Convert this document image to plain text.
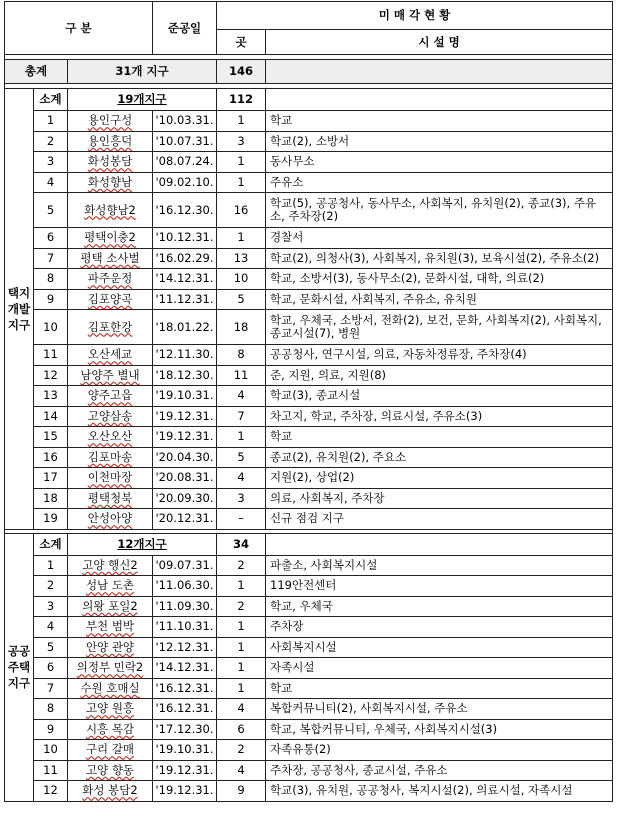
구 분			준공일	미 매 각 현 황	
				곳	시 설 명

총계		31개 지구		146	

택지
개발
지구	소계	19개지구		112	
	1	용인구성	'10.03.31.	1	학교
	2	용인흥덕	'10.07.31.	3	학교(2), 소방서
	3	화성봉담	'08.07.24.	1	동사무소
	4	화성향남	'09.02.10.	1	주유소
	5	화성향남2	'16.12.30.	16	학교(5), 공공청사, 동사무소, 사회복지, 유치원(2), 종교(3), 주유소, 주차장(2)
	6	평택이충2	'10.12.31.	1	경찰서
	7	평택 소사벌	'16.02.29.	13	학교(2), 의청사(3), 사회복지, 유치원(3), 보육시설(2), 주유소(2)
	8	파주운정	'14.12.31.	10	학교, 소방서(3), 동사무소(2), 문화시설, 대학, 의료(2)
	9	김포양곡	'11.12.31.	5	학교, 문화시설, 사회복지, 주유소, 유치원
	10	김포한강	'18.01.22.	18	학교, 우체국, 소방서, 전화(2), 보건, 문화, 사회복지(2), 사회복지, 종교시설(7), 병원
	11	오산세교	'12.11.30.	8	공공청사, 연구시설, 의료, 자동차정류장, 주차장(4)
	12	남양주 별내	'18.12.30.	11	준, 지원, 의료, 지원(8)
	13	양주고읍	'19.10.31.	4	학교(3), 종교시설
	14	고양삼송	'19.12.31.	7	차고지, 학교, 주차장, 의료시설, 주유소(3)
	15	오산오산	'19.12.31.	1	학교
	16	김포마송	'20.04.30.	5	종교(2), 유치원(2), 주요소
	17	이천마장	'20.08.31.	4	지원(2), 상업(2)
	18	평택청북	'20.09.30.	3	의료, 사회복지, 주차장
	19	안성아양	'20.12.31.	–	신규 점검 지구

공공
주택
지구	소계	12개지구		34	
	1	고양 행신2	'09.07.31.	2	파출소, 사회복지시설
	2	성남 도촌	'11.06.30.	1	119안전센터
	3	의왕 포일2	'11.09.30.	2	학교, 우체국
	4	부천 범박	'11.10.31.	1	주차장
	5	안양 관양	'12.12.31.	1	사회복지시설
	6	의정부 민락2	'14.12.31.	1	자족시설
	7	수원 호매실	'16.12.31.	1	학교
	8	고양 원흥	'16.12.31.	4	복합커뮤니티(2), 사회복지시설, 주유소
	9	시흥 목감	'17.12.30.	6	학교, 복합커뮤니티, 우체국, 사회복지시설(3)
	10	구리 갈매	'19.10.31.	2	자족유통(2)
	11	고양 향동	'19.12.31.	4	주차장, 공공청사, 종교시설, 주유소
	12	화성 봉담2	'19.12.31.	9	학교(3), 유치원, 공공청사, 복지시설(2), 의료시설, 자족시설
